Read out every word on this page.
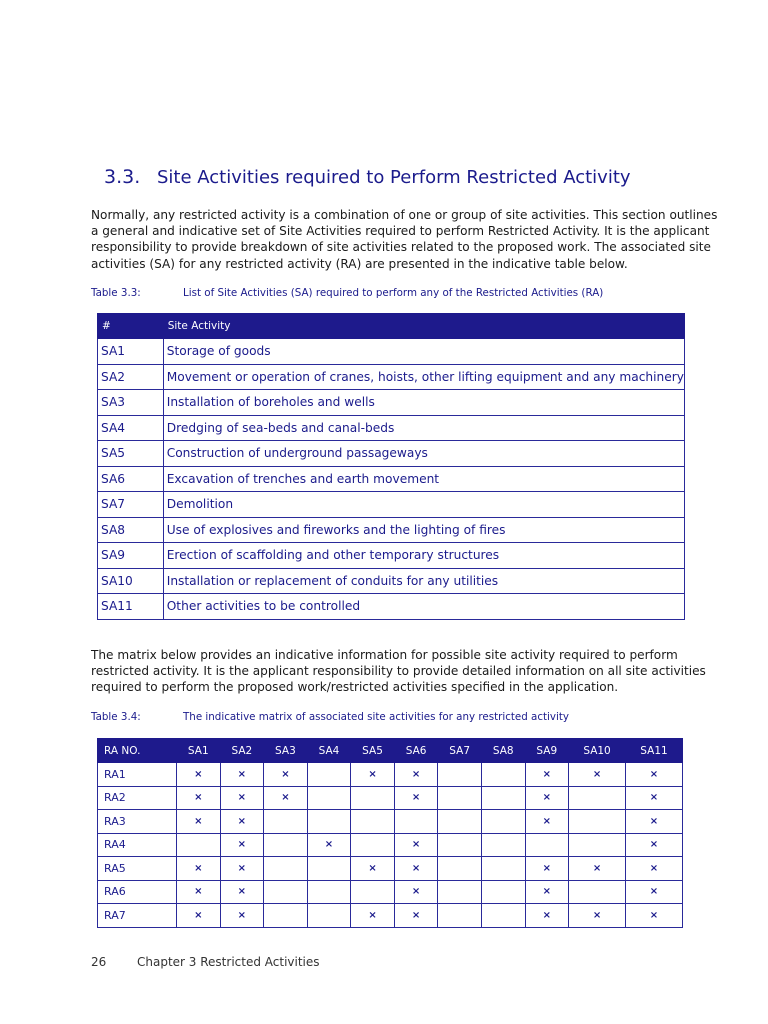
3.3. Site Activities required to Perform Restricted Activity
Normally, any restricted activity is a combination of one or group of site activities. This section outlines
a general and indicative set of Site Activities required to perform Restricted Activity. It is the applicant
responsibility to provide breakdown of site activities related to the proposed work. The associated site
activities (SA) for any restricted activity (RA) are presented in the indicative table below.
Table 3.3:	List of Site Activities (SA) required to perform any of the Restricted Activities (RA)
#	Site Activity
SA1	Storage of goods
SA2	Movement or operation of cranes, hoists, other lifting equipment and any machinery
SA3	Installation of boreholes and wells
SA4	Dredging of sea-beds and canal-beds
SA5	Construction of underground passageways
SA6	Excavation of trenches and earth movement
SA7	Demolition
SA8	Use of explosives and fireworks and the lighting of fires
SA9	Erection of scaffolding and other temporary structures
SA10	Installation or replacement of conduits for any utilities
SA11	Other activities to be controlled
The matrix below provides an indicative information for possible site activity required to perform
restricted activity. It is the applicant responsibility to provide detailed information on all site activities
required to perform the proposed work/restricted activities specified in the application.
Table 3.4:	The indicative matrix of associated site activities for any restricted activity
RA NO.	SA1	SA2	SA3	SA4	SA5	SA6	SA7	SA8	SA9	SA10	SA11
RA1	×	×	×		×	×			×	×	×
RA2	×	×	×			×			×		×
RA3	×	×							×		×
RA4		×		×		×					×
RA5	×	×			×	×			×	×	×
RA6	×	×				×			×		×
RA7	×	×			×	×			×	×	×
26	Chapter 3 Restricted Activities
